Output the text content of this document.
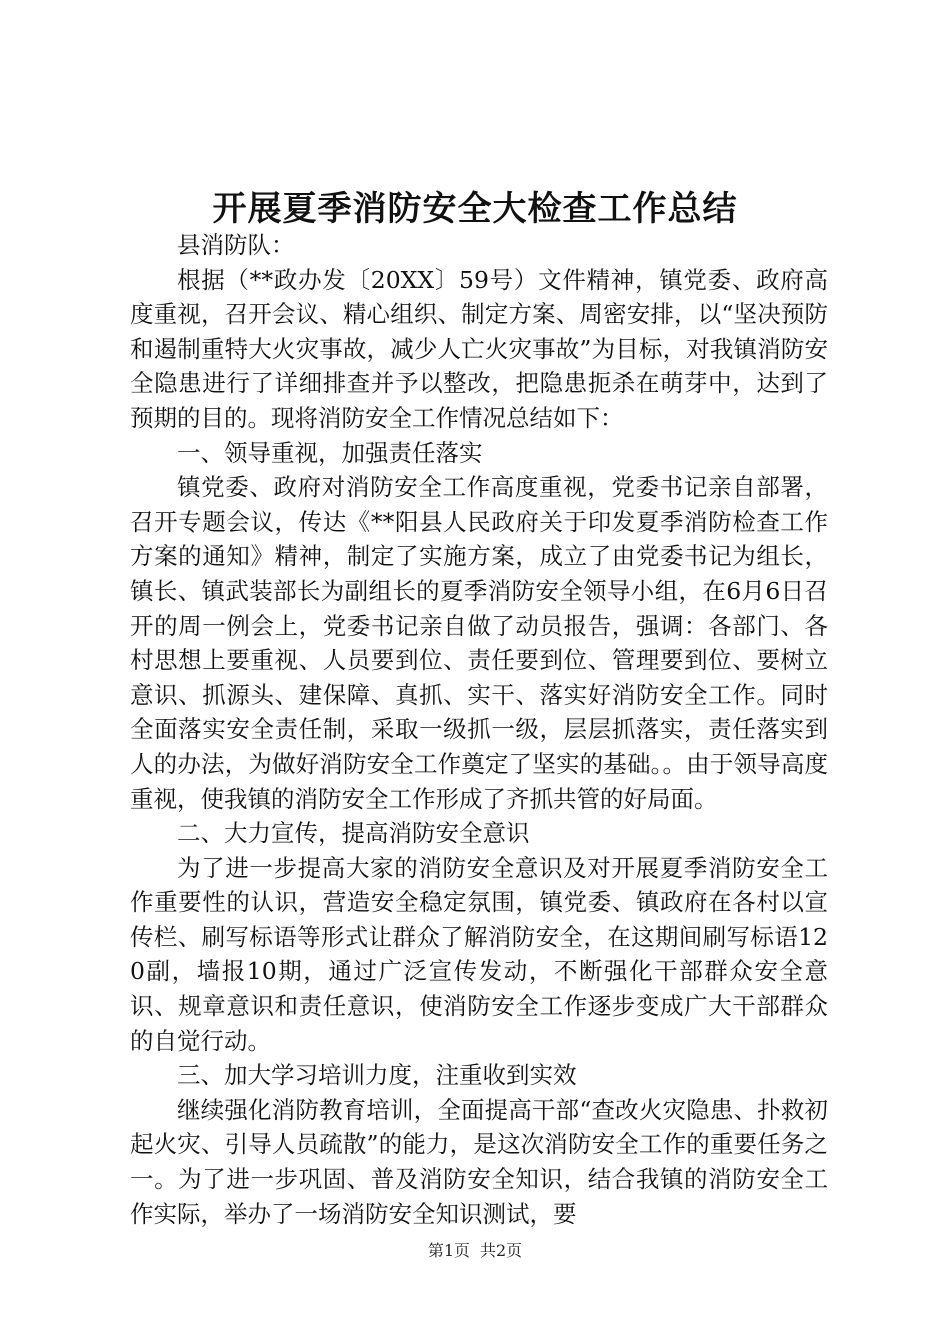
开展夏季消防安全大检查工作总结

县消防队：

根据（**政办发〔20XX〕59号）文件精神，镇党委、政府高度重视，召开会议、精心组织、制定方案、周密安排，以“坚决预防和遏制重特大火灾事故，减少人亡火灾事故”为目标，对我镇消防安全隐患进行了详细排查并予以整改，把隐患扼杀在萌芽中，达到了预期的目的。现将消防安全工作情况总结如下：

一、领导重视，加强责任落实

镇党委、政府对消防安全工作高度重视，党委书记亲自部署，召开专题会议，传达《**阳县人民政府关于印发夏季消防检查工作方案的通知》精神，制定了实施方案，成立了由党委书记为组长，镇长、镇武装部长为副组长的夏季消防安全领导小组，在6月6日召开的周一例会上，党委书记亲自做了动员报告，强调：各部门、各村思想上要重视、人员要到位、责任要到位、管理要到位、要树立意识、抓源头、建保障、真抓、实干、落实好消防安全工作。同时全面落实安全责任制，采取一级抓一级，层层抓落实，责任落实到人的办法，为做好消防安全工作奠定了坚实的基础。。由于领导高度重视，使我镇的消防安全工作形成了齐抓共管的好局面。

二、大力宣传，提高消防安全意识

为了进一步提高大家的消防安全意识及对开展夏季消防安全工作重要性的认识，营造安全稳定氛围，镇党委、镇政府在各村以宣传栏、刷写标语等形式让群众了解消防安全，在这期间刷写标语120副，墙报10期，通过广泛宣传发动，不断强化干部群众安全意识、规章意识和责任意识，使消防安全工作逐步变成广大干部群众的自觉行动。

三、加大学习培训力度，注重收到实效

继续强化消防教育培训，全面提高干部“查改火灾隐患、扑救初起火灾、引导人员疏散”的能力，是这次消防安全工作的重要任务之一。为了进一步巩固、普及消防安全知识，结合我镇的消防安全工作实际，举办了一场消防安全知识测试，要

第1页 共2页
